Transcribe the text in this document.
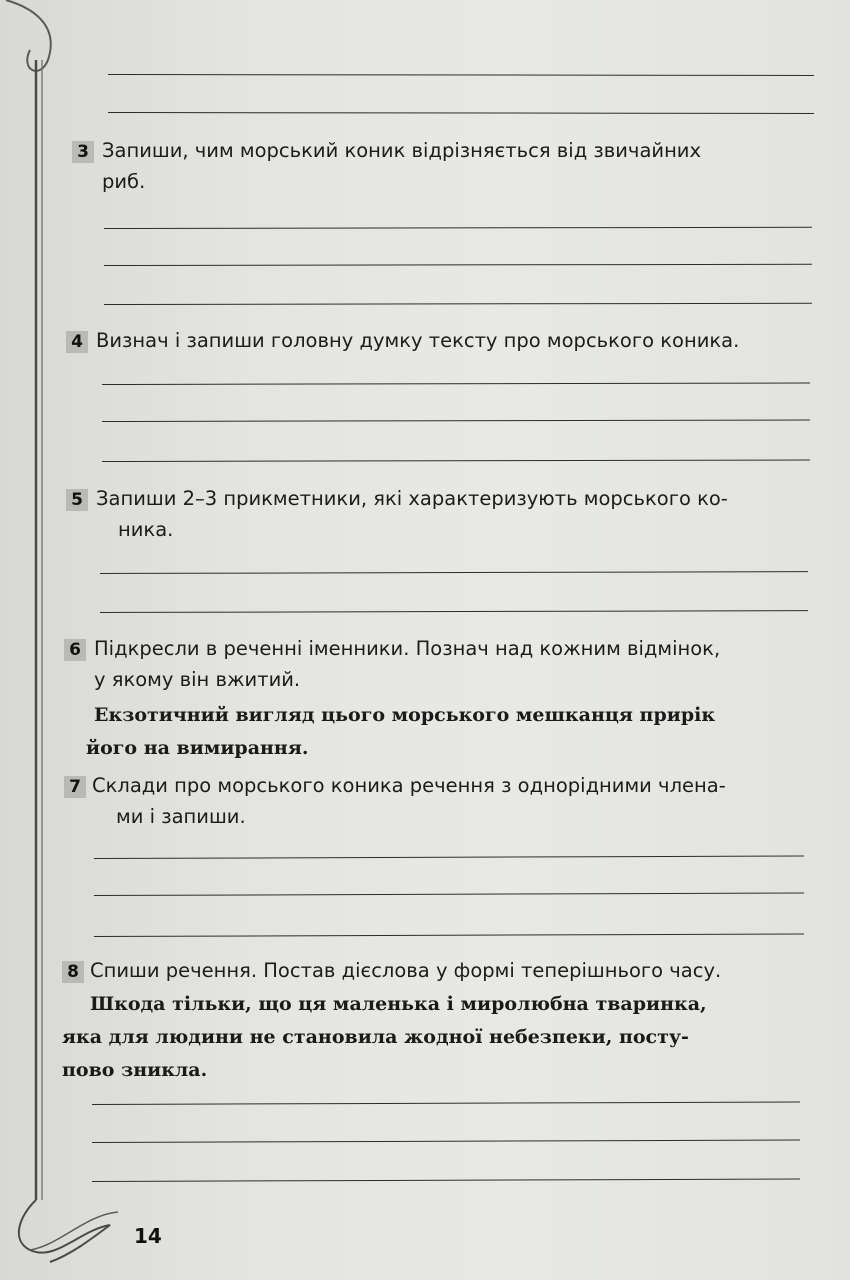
3 Запиши, чим морський коник відрізняється від звичайних
риб.

4 Визнач і запиши головну думку тексту про морського коника.

5 Запиши 2–3 прикметники, які характеризують морського ко-
ника.

6 Підкресли в реченні іменники. Познач над кожним відмінок,
у якому він вжитий.

Екзотичний вигляд цього морського мешканця прирік
його на вимирання.

7 Склади про морського коника речення з однорідними члена-
ми і запиши.

8 Спиши речення. Постав дієслова у формі теперішнього часу.

Шкода тільки, що ця маленька і миролюбна тваринка,
яка для людини не становила жодної небезпеки, посту-
пово зникла.

14
